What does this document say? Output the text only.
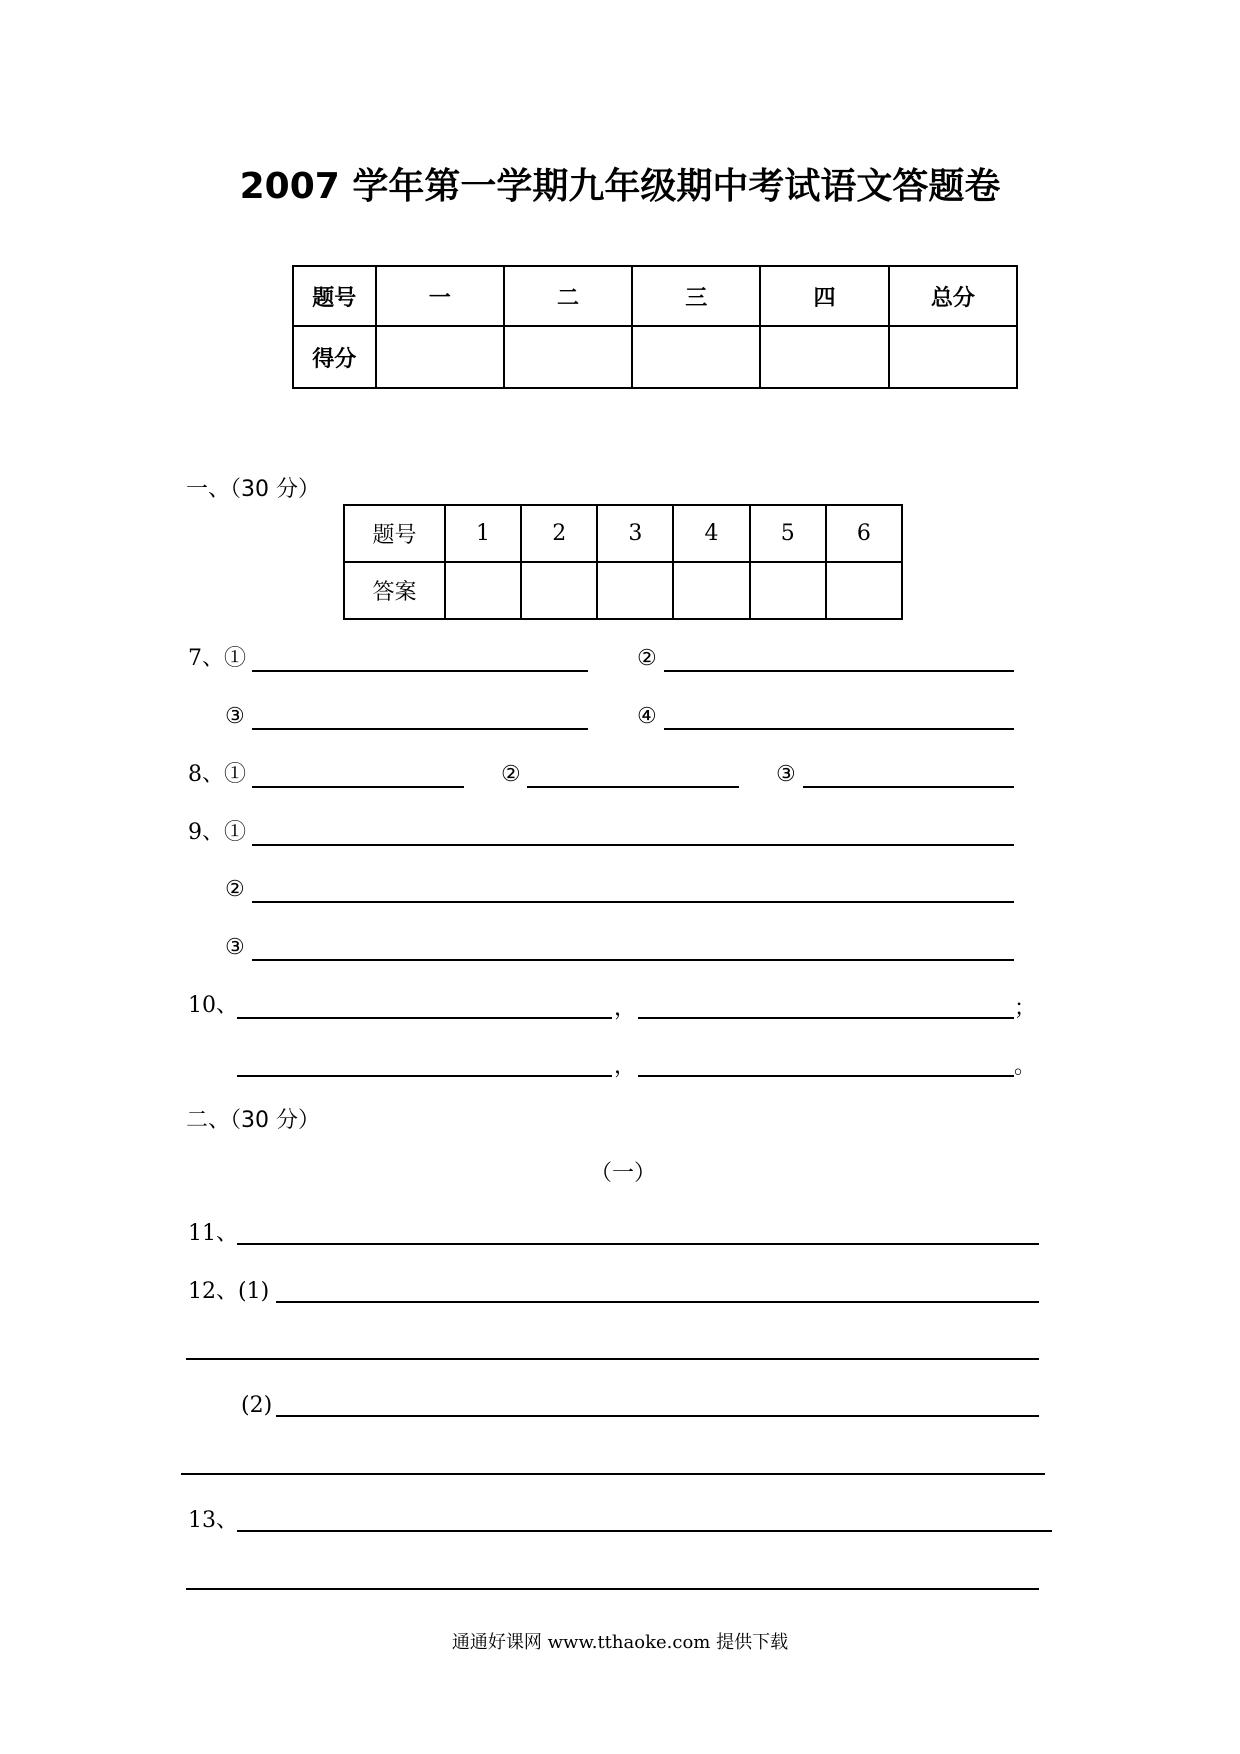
2007 学年第一学期九年级期中考试语文答题卷
题号	一	二	三	四	总分
得分					
一、（30 分）
题号	1	2	3	4	5	6
答案						
7、①	②
③	④
8、①	②	③
9、①
②
③
10、	，	；
，	。
二、（30 分）
（一）
11、
12、(1)
(2)
13、
通通好课网 www.tthaoke.com 提供下载
